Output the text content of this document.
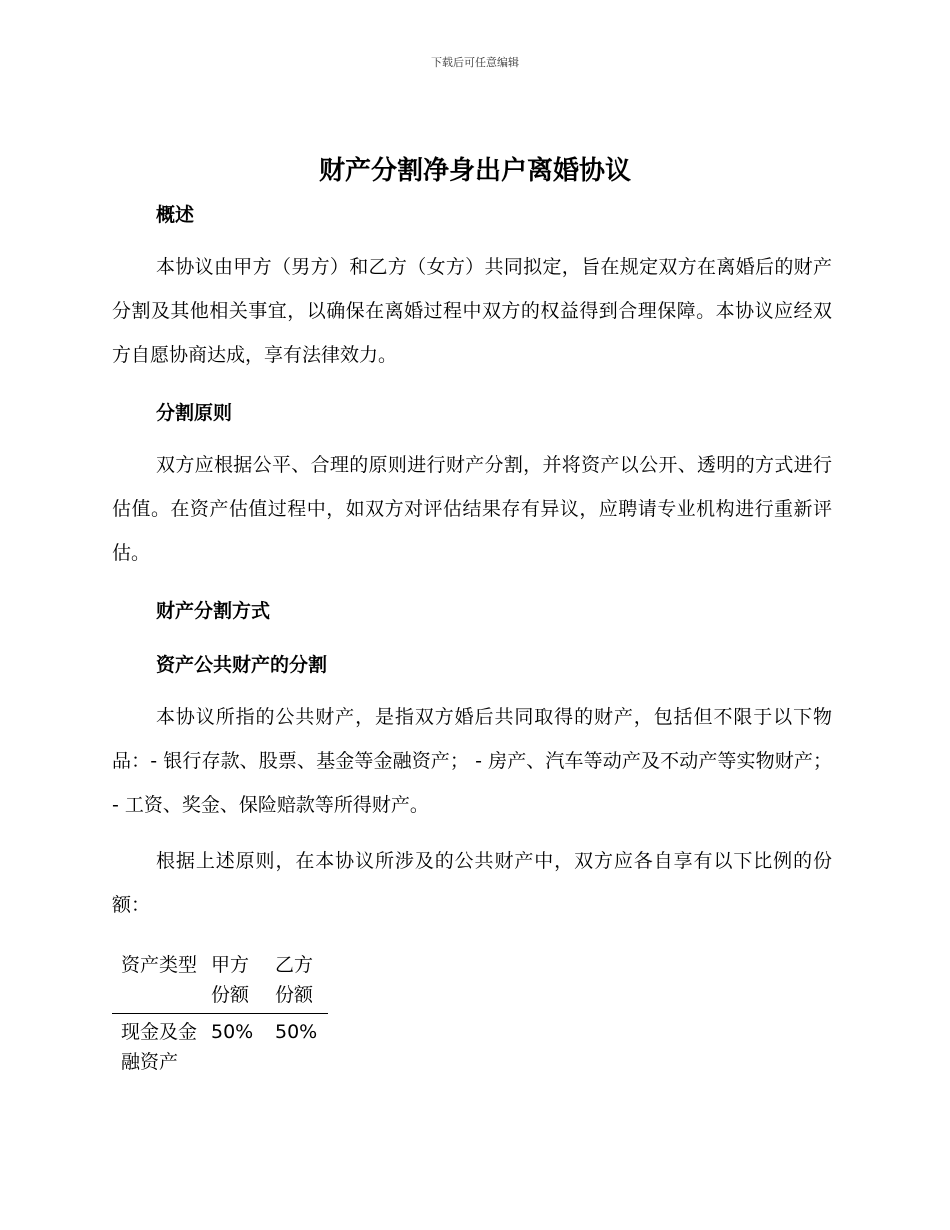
下载后可任意编辑
财产分割净身出户离婚协议
概述
本协议由甲方（男方）和乙方（女方）共同拟定，旨在规定双方在离婚后的财产分割及其他相关事宜，以确保在离婚过程中双方的权益得到合理保障。本协议应经双方自愿协商达成，享有法律效力。
分割原则
双方应根据公平、合理的原则进行财产分割，并将资产以公开、透明的方式进行估值。在资产估值过程中，如双方对评估结果存有异议，应聘请专业机构进行重新评估。
财产分割方式
资产公共财产的分割
本协议所指的公共财产，是指双方婚后共同取得的财产，包括但不限于以下物品：- 银行存款、股票、基金等金融资产； - 房产、汽车等动产及不动产等实物财产； - 工资、奖金、保险赔款等所得财产。
根据上述原则，在本协议所涉及的公共财产中，双方应各自享有以下比例的份额：
资产类型	甲方份额	乙方份额
现金及金融资产	50%	50%
